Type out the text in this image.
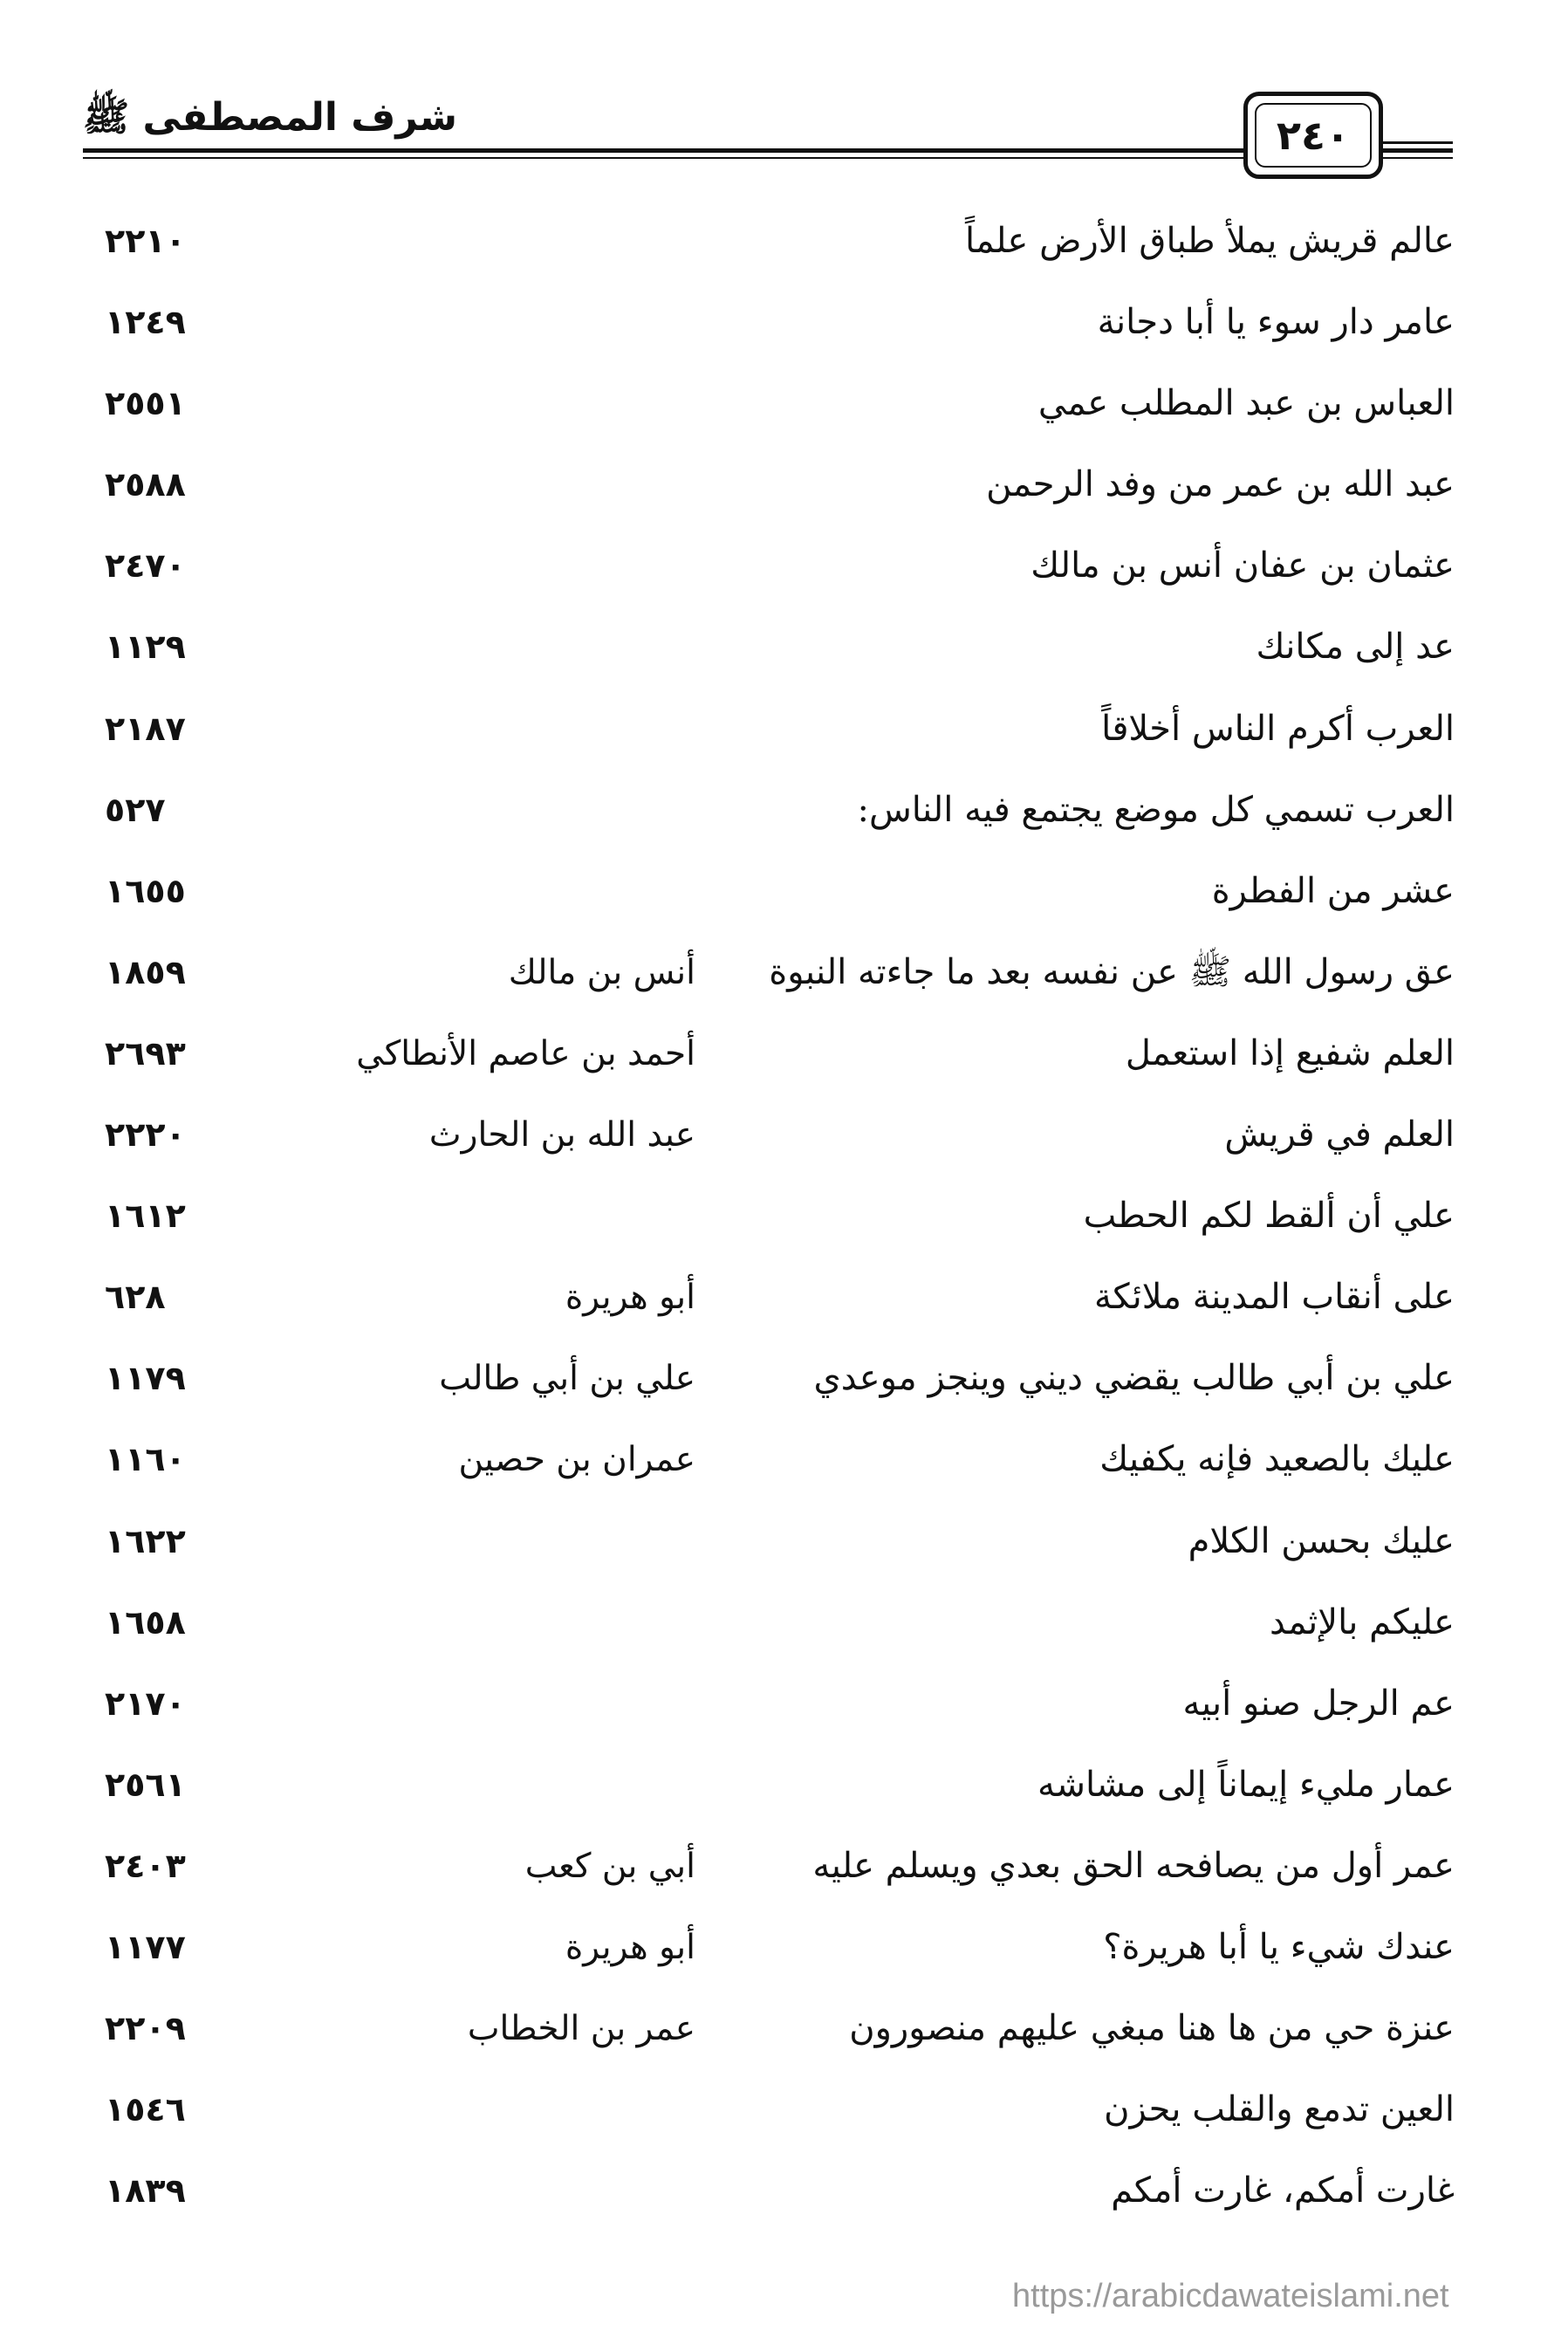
شرف المصطفى ﷺ	٢٤٠
عالم قريش يملأ طباق الأرض علماً
٢٢١٠
عامر دار سوء يا أبا دجانة
١٢٤٩
العباس بن عبد المطلب عمي
٢٥٥١
عبد الله بن عمر من وفد الرحمن
٢٥٨٨
عثمان بن عفان أنس بن مالك
٢٤٧٠
عد إلى مكانك
١١٢٩
العرب أكرم الناس أخلاقاً
٢١٨٧
العرب تسمي كل موضع يجتمع فيه الناس:
٥٢٧
عشر من الفطرة
١٦٥٥
عق رسول الله ﷺ عن نفسه بعد ما جاءته النبوة
أنس بن مالك
١٨٥٩
العلم شفيع إذا استعمل
أحمد بن عاصم الأنطاكي
٢٦٩٣
العلم في قريش
عبد الله بن الحارث
٢٢٢٠
علي أن ألقط لكم الحطب
١٦١٢
على أنقاب المدينة ملائكة
أبو هريرة
٦٢٨
علي بن أبي طالب يقضي ديني وينجز موعدي
علي بن أبي طالب
١١٧٩
عليك بالصعيد فإنه يكفيك
عمران بن حصين
١١٦٠
عليك بحسن الكلام
١٦٢٢
عليكم بالإثمد
١٦٥٨
عم الرجل صنو أبيه
٢١٧٠
عمار مليء إيماناً إلى مشاشه
٢٥٦١
عمر أول من يصافحه الحق بعدي ويسلم عليه
أبي بن كعب
٢٤٠٣
عندك شيء يا أبا هريرة؟
أبو هريرة
١١٧٧
عنزة حي من ها هنا مبغي عليهم منصورون
عمر بن الخطاب
٢٢٠٩
العين تدمع والقلب يحزن
١٥٤٦
غارت أمكم، غارت أمكم
١٨٣٩
https://arabicdawateislami.net
